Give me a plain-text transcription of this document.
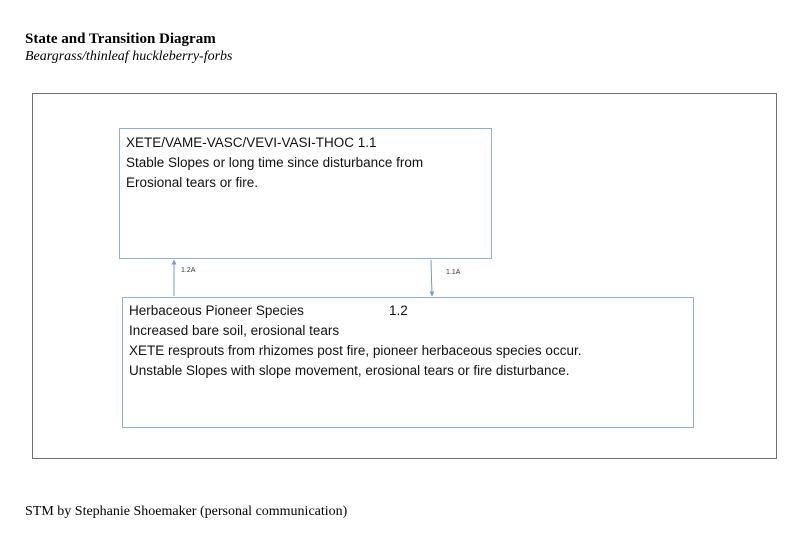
State and Transition Diagram
Beargrass/thinleaf huckleberry-forbs
XETE/VAME-VASC/VEVI-VASI-THOC 1.1
Stable Slopes or long time since disturbance from
Erosional tears or fire.
Herbaceous Pioneer Species	1.2
Increased bare soil, erosional tears
XETE resprouts from rhizomes post fire, pioneer herbaceous species occur.
Unstable Slopes with slope movement, erosional tears or fire disturbance.
1.2A	1.1A
STM by Stephanie Shoemaker (personal communication)
